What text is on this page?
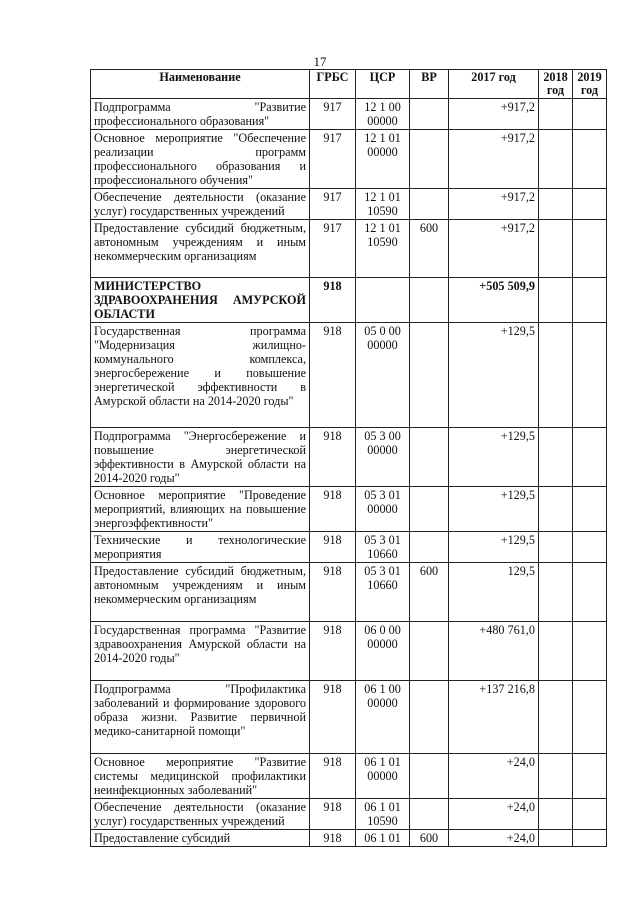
17
Наименование	ГРБС	ЦСР	ВР	2017 год	2018 год	2019 год
Подпрограмма "Развитие профессионального образования"	917	12 1 00 00000		+917,2		
Основное мероприятие "Обеспечение реализации программ профессионального образования и профессионального обучения"	917	12 1 01 00000		+917,2		
Обеспечение деятельности (оказание услуг) государственных учреждений	917	12 1 01 10590		+917,2		
Предоставление субсидий бюджетным, автономным учреждениям и иным некоммерческим организациям	917	12 1 01 10590	600	+917,2		
МИНИСТЕРСТВО ЗДРАВООХРАНЕНИЯ АМУРСКОЙ ОБЛАСТИ	918			+505 509,9		
Государственная программа "Модернизация жилищно-коммунального комплекса, энергосбережение и повышение энергетической эффективности в Амурской области на 2014-2020 годы"	918	05 0 00 00000		+129,5		
Подпрограмма "Энергосбережение и повышение энергетической эффективности в Амурской области на 2014-2020 годы"	918	05 3 00 00000		+129,5		
Основное мероприятие "Проведение мероприятий, влияющих на повышение энергоэффективности"	918	05 3 01 00000		+129,5		
Технические и технологические мероприятия	918	05 3 01 10660		+129,5		
Предоставление субсидий бюджетным, автономным учреждениям и иным некоммерческим организациям	918	05 3 01 10660	600	129,5		
Государственная программа "Развитие здравоохранения Амурской области на 2014-2020 годы"	918	06 0 00 00000		+480 761,0		
Подпрограмма "Профилактика заболеваний и формирование здорового образа жизни. Развитие первичной медико-санитарной помощи"	918	06 1 00 00000		+137 216,8		
Основное мероприятие "Развитие системы медицинской профилактики неинфекционных заболеваний"	918	06 1 01 00000		+24,0		
Обеспечение деятельности (оказание услуг) государственных учреждений	918	06 1 01 10590		+24,0		
Предоставление субсидий	918	06 1 01	600	+24,0		
